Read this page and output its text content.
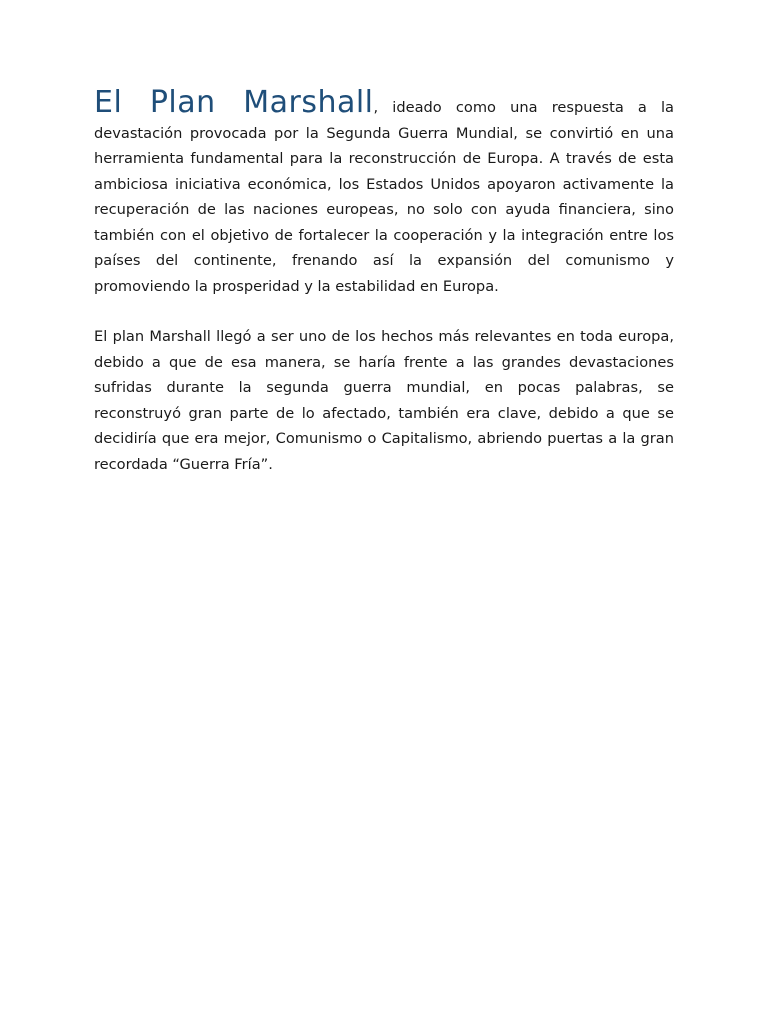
El Plan Marshall, ideado como una respuesta a la devastación provocada por la Segunda Guerra Mundial, se convirtió en una herramienta fundamental para la reconstrucción de Europa. A través de esta ambiciosa iniciativa económica, los Estados Unidos apoyaron activamente la recuperación de las naciones europeas, no solo con ayuda financiera, sino también con el objetivo de fortalecer la cooperación y la integración entre los países del continente, frenando así la expansión del comunismo y promoviendo la prosperidad y la estabilidad en Europa.

El plan Marshall llegó a ser uno de los hechos más relevantes en toda europa, debido a que de esa manera, se haría frente a las grandes devastaciones sufridas durante la segunda guerra mundial, en pocas palabras, se reconstruyó gran parte de lo afectado, también era clave, debido a que se decidiría que era mejor, Comunismo o Capitalismo, abriendo puertas a la gran recordada “Guerra Fría”.
